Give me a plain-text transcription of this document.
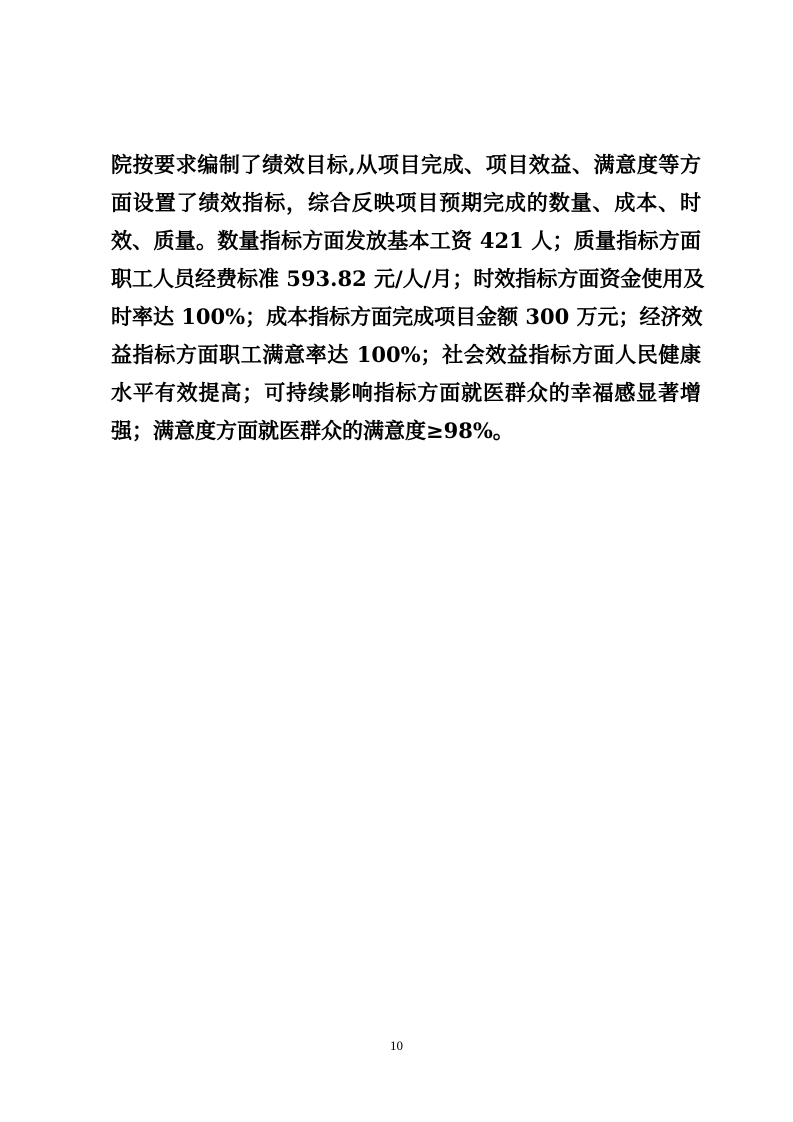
院按要求编制了绩效目标,从项目完成、项目效益、满意度等方
面设置了绩效指标，综合反映项目预期完成的数量、成本、时
效、质量。数量指标方面发放基本工资 421 人；质量指标方面
职工人员经费标准 593.82 元/人/月；时效指标方面资金使用及
时率达 100%；成本指标方面完成项目金额 300 万元；经济效
益指标方面职工满意率达 100%；社会效益指标方面人民健康
水平有效提高；可持续影响指标方面就医群众的幸福感显著增
强；满意度方面就医群众的满意度≥98%。
10
